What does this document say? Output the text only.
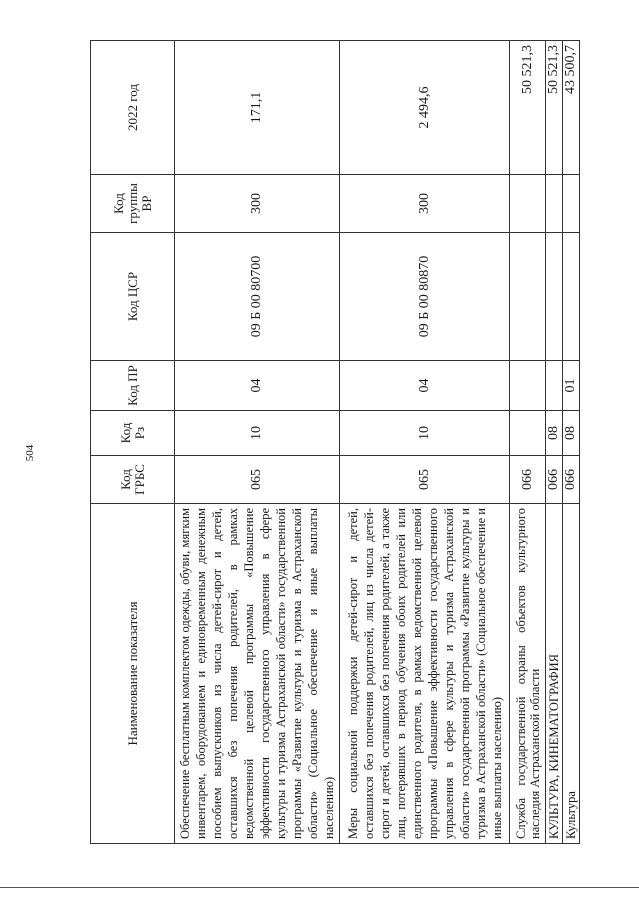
504
Наименование показателя	Код ГРБС	Код Рз	Код ПР	Код ЦСР	Код группы ВР	2022 год
Обеспечение бесплатным комплектом одежды, обуви, мягким инвентарем, оборудованием и единовременным денежным пособием выпускников из числа детей-сирот и детей, оставшихся без попечения родителей, в рамках ведомственной целевой программы «Повышение эффективности государственного управления в сфере культуры и туризма Астраханской области» государственной программы «Развитие культуры и туризма в Астраханской области» (Социальное обеспечение и иные выплаты населению)	065	10	04	09 Б 00 80700	300	171,1
Меры социальной поддержки детей-сирот и детей, оставшихся без попечения родителей, лиц из числа детей-сирот и детей, оставшихся без попечения родителей, а также лиц, потерявших в период обучения обоих родителей или единственного родителя, в рамках ведомственной целевой программы «Повышение эффективности государственного управления в сфере культуры и туризма Астраханской области» государственной программы «Развитие культуры и туризма в Астраханской области» (Социальное обеспечение и иные выплаты населению)	065	10	04	09 Б 00 80870	300	2 494,6
Служба государственной охраны объектов культурного наследия Астраханской области	066					50 521,3
КУЛЬТУРА, КИНЕМАТОГРАФИЯ	066	08				50 521,3
Культура	066	08	01			43 500,7
